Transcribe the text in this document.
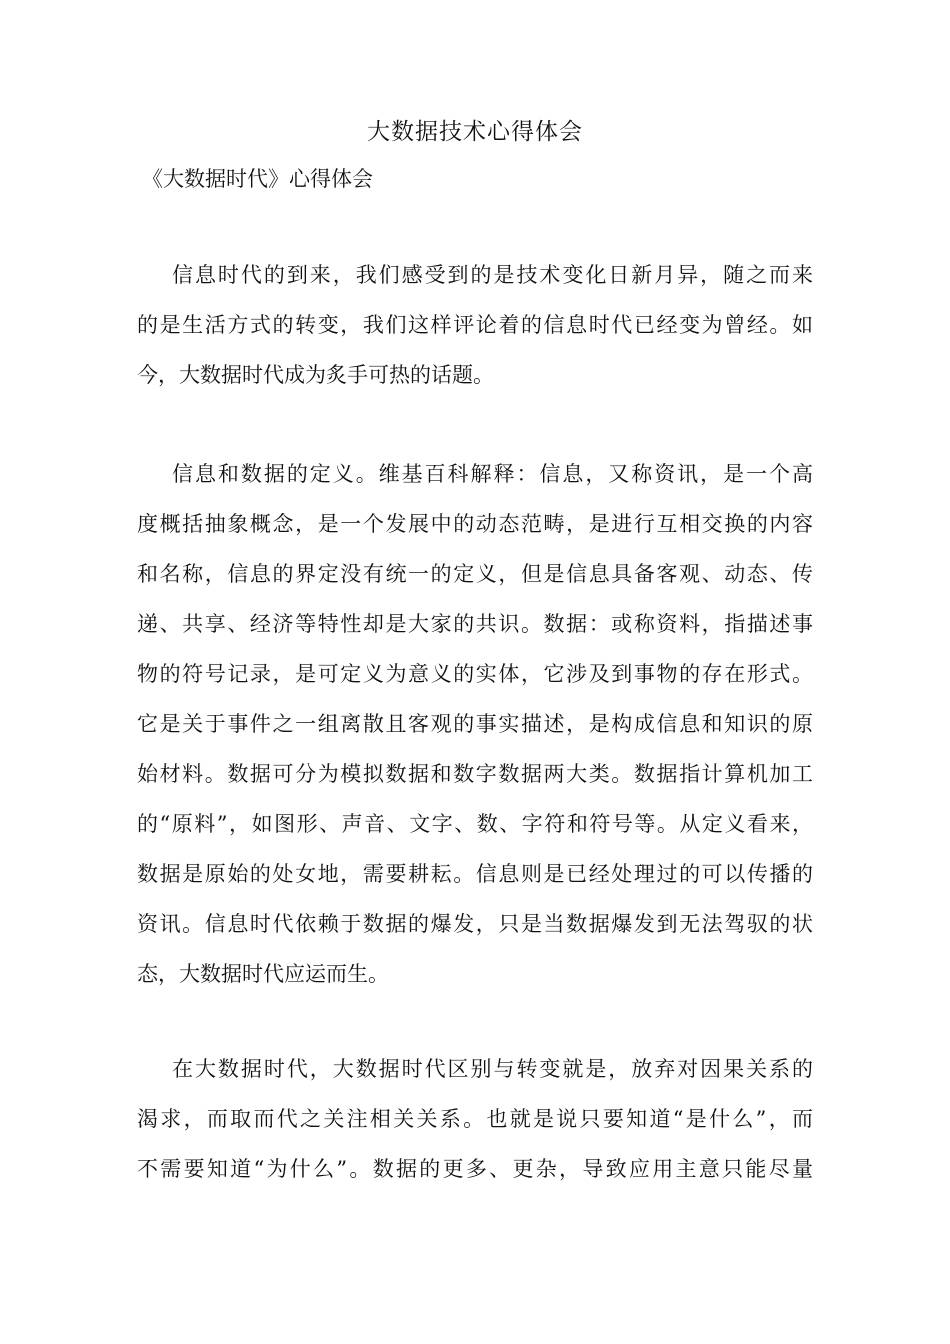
大数据技术心得体会
《大数据时代》心得体会
信息时代的到来，我们感受到的是技术变化日新月异，随之而来
的是生活方式的转变，我们这样评论着的信息时代已经变为曾经。如
今，大数据时代成为炙手可热的话题。
信息和数据的定义。维基百科解释：信息，又称资讯，是一个高
度概括抽象概念，是一个发展中的动态范畴，是进行互相交换的内容
和名称，信息的界定没有统一的定义，但是信息具备客观、动态、传
递、共享、经济等特性却是大家的共识。数据：或称资料，指描述事
物的符号记录，是可定义为意义的实体，它涉及到事物的存在形式。
它是关于事件之一组离散且客观的事实描述，是构成信息和知识的原
始材料。数据可分为模拟数据和数字数据两大类。数据指计算机加工
的“原料”，如图形、声音、文字、数、字符和符号等。从定义看来，
数据是原始的处女地，需要耕耘。信息则是已经处理过的可以传播的
资讯。信息时代依赖于数据的爆发，只是当数据爆发到无法驾驭的状
态，大数据时代应运而生。
在大数据时代，大数据时代区别与转变就是，放弃对因果关系的
渴求，而取而代之关注相关关系。也就是说只要知道“是什么”，而
不需要知道“为什么”。数据的更多、更杂，导致应用主意只能尽量
